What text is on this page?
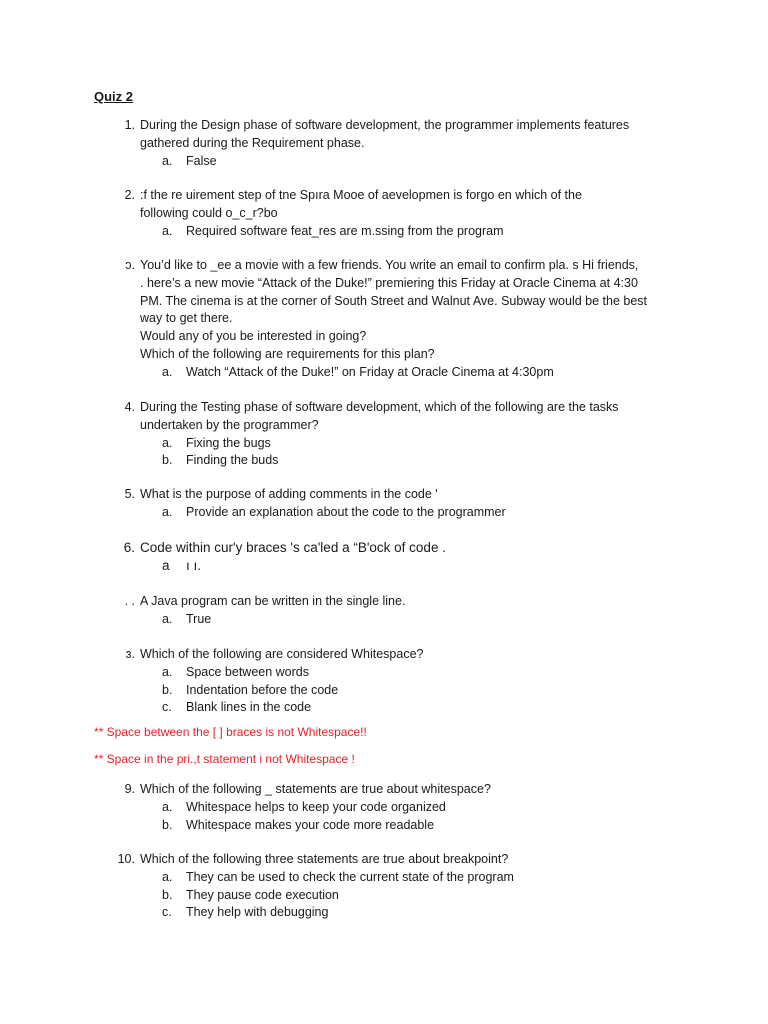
Quiz 2
1. During the Design phase of software development, the programmer implements features
gathered during the Requirement phase.
a. False
2. :f the re uirement step of tne Spıra Mooe of aevelopmen is forgo en which of the
following could o_c_r?bo
a. Required software feat_res are m.ssing from the program
ɔ. You’d like to _ee a movie with a few friends. You write an email to confirm pla. s Hi friends,
. here’s a new movie “Attack of the Duke!” premiering this Friday at Oracle Cinema at 4:30
PM. The cinema is at the corner of South Street and Walnut Ave. Subway would be the best
way to get there.
Would any of you be interested in going?
Which of the following are requirements for this plan?
a. Watch “Attack of the Duke!” on Friday at Oracle Cinema at 4:30pm
4. During the Testing phase of software development, which of the following are the tasks
undertaken by the programmer?
a. Fixing the bugs
b. Finding the buds
5. What is the purpose of adding comments in the code '
a. Provide an explanation about the code to the programmer
6. Code within cur'y braces 's ca'led a “B'ock of code .
a ı ı.
. . A Java program can be written in the single line.
a. True
ɜ. Which of the following are considered Whitespace?
a. Space between words
b. Indentation before the code
c. Blank lines in the code
9. Which of the following _ statements are true about whitespace?
a. Whitespace helps to keep your code organized
b. Whitespace makes your code more readable
10. Which of the following three statements are true about breakpoint?
a. They can be used to check the current state of the program
b. They pause code execution
c. They help with debugging
** Space between the [ ] braces is not Whitespace!!
** Space in the pri.,t statement i not Whitespace !
